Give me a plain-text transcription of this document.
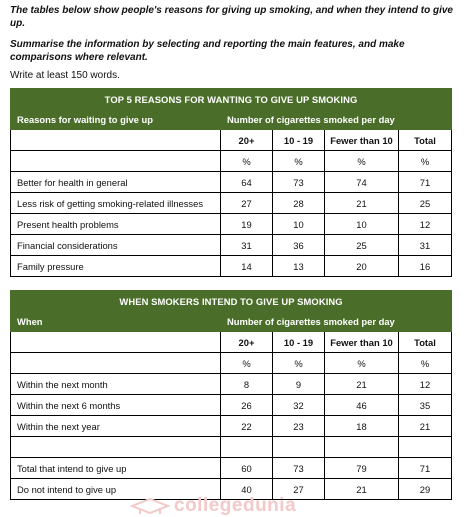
The tables below show people's reasons for giving up smoking, and when they intend to give up.

Summarise the information by selecting and reporting the main features, and make comparisons where relevant.

Write at least 150 words.

TOP 5 REASONS FOR WANTING TO GIVE UP SMOKING				
Reasons for waiting to give up	Number of cigarettes smoked per day			
	20+	10 - 19	Fewer than 10	Total
	%	%	%	%
Better for health in general	64	73	74	71
Less risk of getting smoking-related illnesses	27	28	21	25
Present health problems	19	10	10	12
Financial considerations	31	36	25	31
Family pressure	14	13	20	16
WHEN SMOKERS INTEND TO GIVE UP SMOKING				
When	Number of cigarettes smoked per day			
	20+	10 - 19	Fewer than 10	Total
	%	%	%	%
Within the next month	8	9	21	12
Within the next 6 months	26	32	46	35
Within the next year	22	23	18	21

Total that intend to give up	60	73	79	71
Do not intend to give up	40	27	21	29
collegedunia
